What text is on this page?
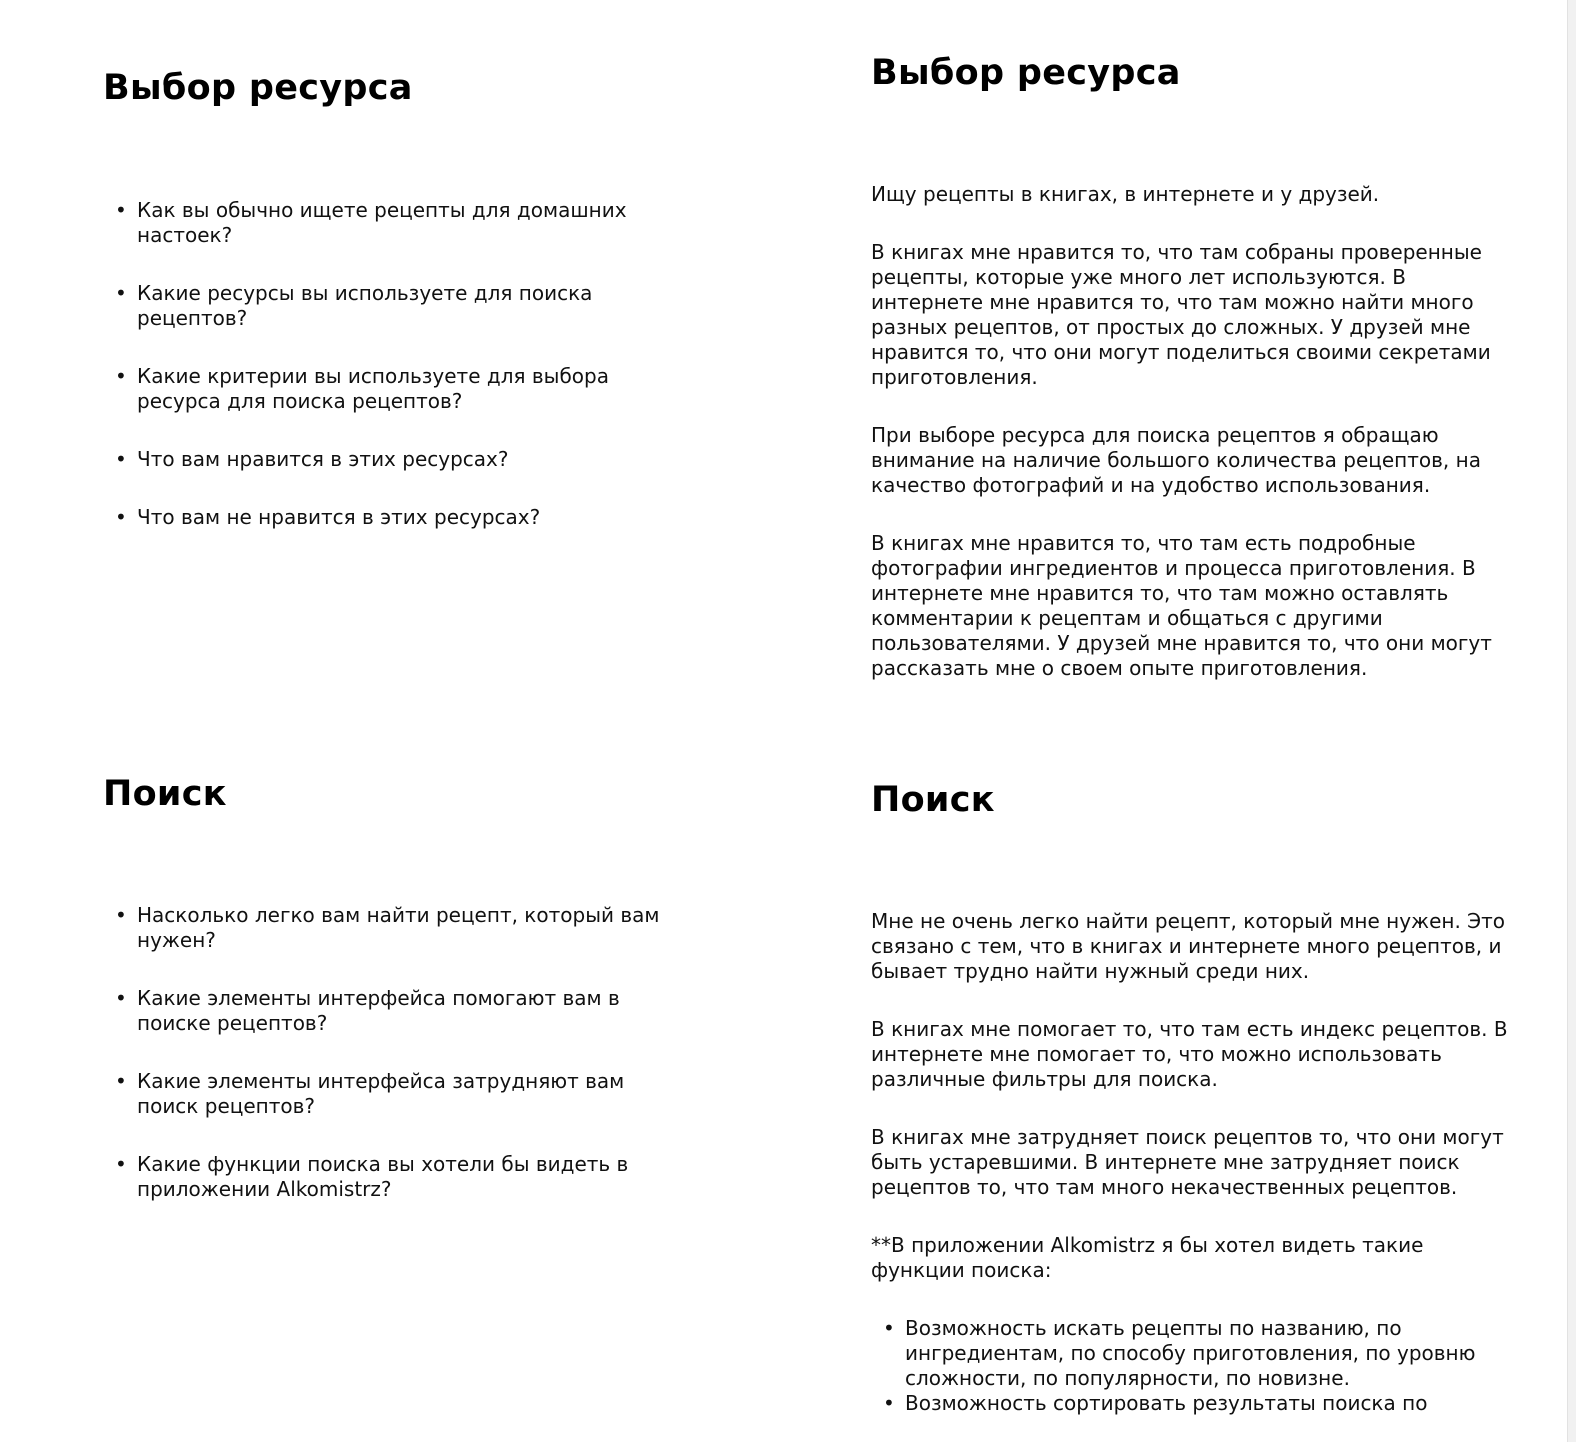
Выбор ресурса
• Как вы обычно ищете рецепты для домашних настоек?
• Какие ресурсы вы используете для поиска рецептов?
• Какие критерии вы используете для выбора ресурса для поиска рецептов?
• Что вам нравится в этих ресурсах?
• Что вам не нравится в этих ресурсах?
Поиск
• Насколько легко вам найти рецепт, который вам нужен?
• Какие элементы интерфейса помогают вам в поиске рецептов?
• Какие элементы интерфейса затрудняют вам поиск рецептов?
• Какие функции поиска вы хотели бы видеть в приложении Alkomistrz?
Выбор ресурса

Ищу рецепты в книгах, в интернете и у друзей.

В книгах мне нравится то, что там собраны проверенные рецепты, которые уже много лет используются. В интернете мне нравится то, что там можно найти много разных рецептов, от простых до сложных. У друзей мне нравится то, что они могут поделиться своими секретами приготовления.

При выборе ресурса для поиска рецептов я обращаю внимание на наличие большого количества рецептов, на качество фотографий и на удобство использования.

В книгах мне нравится то, что там есть подробные фотографии ингредиентов и процесса приготовления. В интернете мне нравится то, что там можно оставлять комментарии к рецептам и общаться с другими пользователями. У друзей мне нравится то, что они могут рассказать мне о своем опыте приготовления.

Поиск

Мне не очень легко найти рецепт, который мне нужен. Это связано с тем, что в книгах и интернете много рецептов, и бывает трудно найти нужный среди них.

В книгах мне помогает то, что там есть индекс рецептов. В интернете мне помогает то, что можно использовать различные фильтры для поиска.

В книгах мне затрудняет поиск рецептов то, что они могут быть устаревшими. В интернете мне затрудняет поиск рецептов то, что там много некачественных рецептов.

**В приложении Alkomistrz я бы хотел видеть такие функции поиска:

• Возможность искать рецепты по названию, по ингредиентам, по способу приготовления, по уровню сложности, по популярности, по новизне.
• Возможность сортировать результаты поиска по
